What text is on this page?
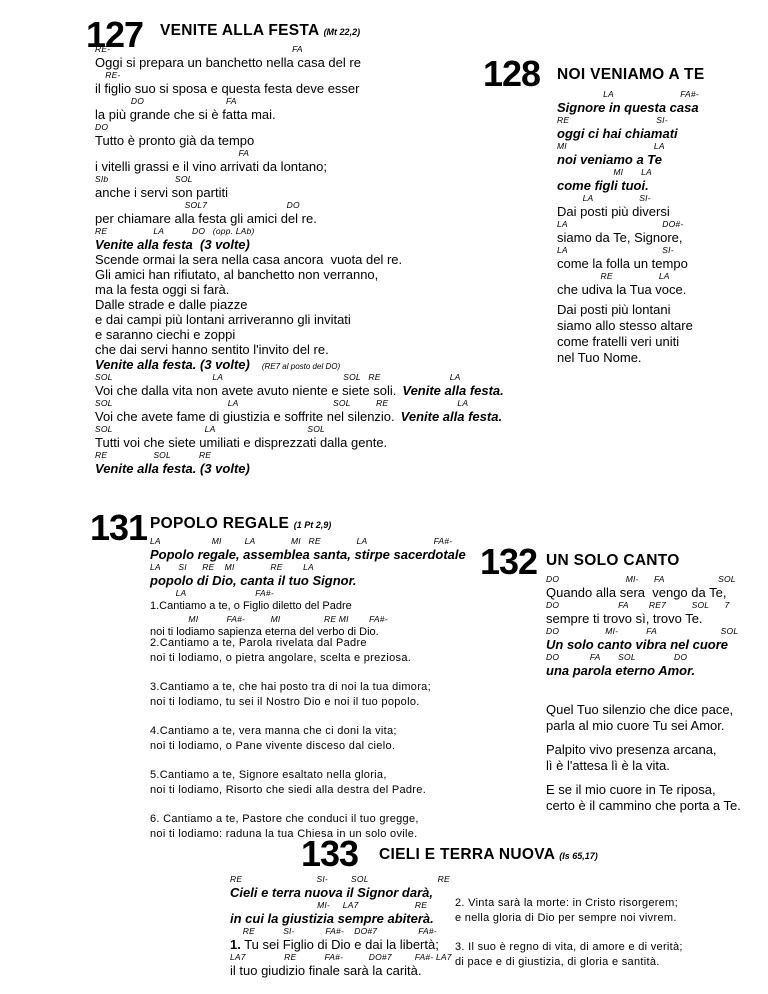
127 VENITE ALLA FESTA (Mt 22,2)
RE-                                                                       FA
Oggi si prepara un banchetto nella casa del re
RE-
il figlio suo si sposa e questa festa deve esser
DO                                FA
la più grande che si è fatta mai.
DO
Tutto è pronto già da tempo
FA
i vitelli grassi e il vino arrivati da lontano;
SIb                          SOL
anche i servi son partiti
SOL7                               DO
per chiamare alla festa gli amici del re.
RE                  LA           DO   (opp. LAb)
Venite alla festa  (3 volte)
Scende ormai la sera nella casa ancora  vuota del re.
Gli amici han rifiutato, al banchetto non verranno,
ma la festa oggi si farà.
Dalle strade e dalle piazze
e dai campi più lontani arriveranno gli invitati
e saranno ciechi e zoppi
che dai servi hanno sentito l'invito del re.
Venite alla festa. (3 volte) (RE7 al posto del DO)
SOL                                       LA                                               SOL   RE                           LA
Voi che dalla vita non avete avuto niente e siete soli. Venite alla festa.
SOL                                             LA                                     SOL          RE                           LA
Voi che avete fame di giustizia e soffrite nel silenzio. Venite alla festa.
SOL                                    LA                                    SOL
Tutti voi che siete umiliati e disprezzati dalla gente.
RE                  SOL           RE
Venite alla festa. (3 volte)
128 NOI VENIAMO A TE
LA                          FA#-
Signore in questa casa
RE                                  SI-
oggi ci hai chiamati
MI                                  LA
noi veniamo a Te
MI       LA
come figli tuoi.
LA                  SI-
Dai posti più diversi
LA                                     DO#-
siamo da Te, Signore,
LA                                     SI-
come la folla un tempo
RE                  LA
che udiva la Tua voce.
Dai posti più lontani
siamo allo stesso altare
come fratelli veri uniti
nel Tuo Nome.
131 POPOLO REGALE (1 Pt 2,9)
LA                    MI         LA              MI   RE              LA                          FA#-
Popolo regale, assemblea santa, stirpe sacerdotale
LA       SI      RE    MI              RE        LA
popolo di Dio, canta il tuo Signor.
LA                           FA#-
1.Cantiamo a te, o Figlio diletto del Padre
MI           FA#-          MI                 RE MI        FA#-
noi ti lodiamo sapienza eterna del verbo di Dio.
2.Cantiamo a te, Parola rivelata dal Padre
noi ti lodiamo, o pietra angolare, scelta e preziosa.
3.Cantiamo a te, che hai posto tra di noi la tua dimora;
noi ti lodiamo, tu sei il Nostro Dio e noi il tuo popolo.
4.Cantiamo a te, vera manna che ci doni la vita;
noi ti lodiamo, o Pane vivente disceso dal cielo.
5.Cantiamo a te, Signore esaltato nella gloria,
noi ti lodiamo, Risorto che siedi alla destra del Padre.
6. Cantiamo a te, Pastore che conduci il tuo gregge,
noi ti lodiamo: raduna la tua Chiesa in un solo ovile.
132 UN SOLO CANTO
DO                          MI-      FA                     SOL
Quando alla sera  vengo da Te,
DO                       FA        RE7          SOL      7
sempre ti trovo sì, trovo Te.
DO                  MI-           FA                         SOL
Un solo canto vibra nel cuore
DO            FA       SOL               DO
una parola eterno Amor.
Quel Tuo silenzio che dice pace,
parla al mio cuore Tu sei Amor.
Palpito vivo presenza arcana,
lì è l'attesa lì è la vita.
E se il mio cuore in Te riposa,
certo è il cammino che porta a Te.
133 CIELI E TERRA NUOVA (Is 65,17)
RE                             SI-         SOL                           RE
Cieli e terra nuova il Signor darà,
MI-     LA7                      RE
in cui la giustizia sempre abiterà.
RE           SI-            FA#-    DO#7                FA#-
1. Tu sei Figlio di Dio e dai la libertà;
LA7               RE           FA#-          DO#7         FA#- LA7
il tuo giudizio finale sarà la carità.
2. Vinta sarà la morte: in Cristo risorgerem;
e nella gloria di Dio per sempre noi vivrem.
3. Il suo è regno di vita, di amore e di verità;
di pace e di giustizia, di gloria e santità.
